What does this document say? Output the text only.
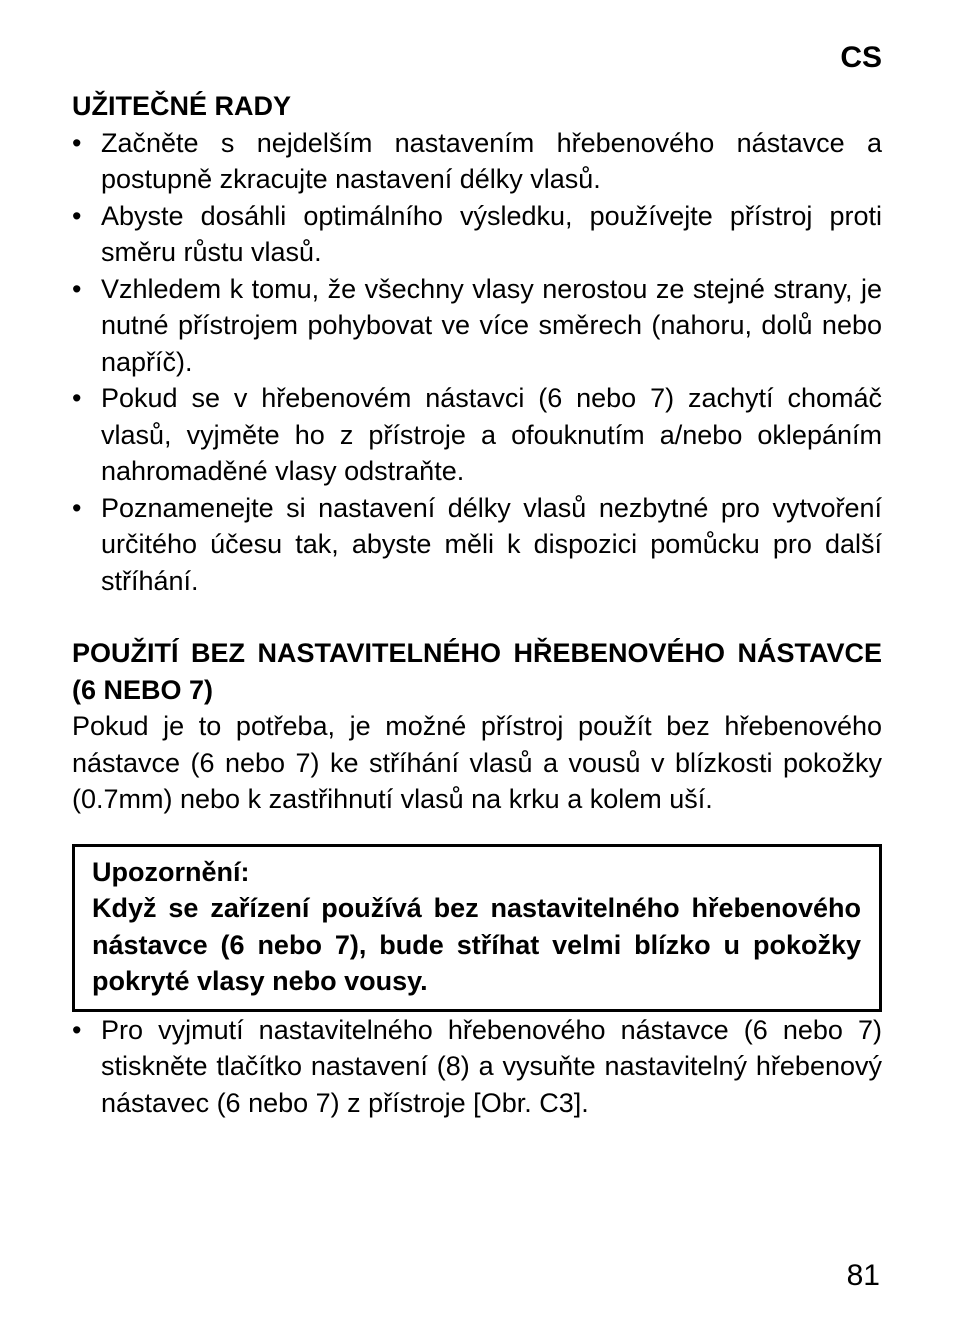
CS
UŽITEČNÉ RADY
• Začněte s nejdelším nastavením hřebenového nástavce a postupně zkracujte nastavení délky vlasů.
• Abyste dosáhli optimálního výsledku, používejte přístroj proti směru růstu vlasů.
• Vzhledem k tomu, že všechny vlasy nerostou ze stejné strany, je nutné přístrojem pohybovat ve více směrech (nahoru, dolů nebo napříč).
• Pokud se v hřebenovém nástavci (6 nebo 7) zachytí chomáč vlasů, vyjměte ho z přístroje a ofouknutím a/nebo oklepáním nahromaděné vlasy odstraňte.
• Poznamenejte si nastavení délky vlasů nezbytné pro vytvoření určitého účesu tak, abyste měli k dispozici pomůcku pro další stříhání.
POUŽITÍ BEZ NASTAVITELNÉHO HŘEBENOVÉHO NÁSTAVCE (6 NEBO 7)

Pokud je to potřeba, je možné přístroj použít bez hřebenového nástavce (6 nebo 7) ke stříhání vlasů a vousů v blízkosti pokožky (0.7mm) nebo k zastřihnutí vlasů na krku a kolem uší.

Upozornění:

Když se zařízení používá bez nastavitelného hřebenového nástavce (6 nebo 7), bude stříhat velmi blízko u pokožky pokryté vlasy nebo vousy.

• Pro vyjmutí nastavitelného hřebenového nástavce (6 nebo 7) stiskněte tlačítko nastavení (8) a vysuňte nastavitelný hřebenový nástavec (6 nebo 7) z přístroje [Obr. C3].
81
